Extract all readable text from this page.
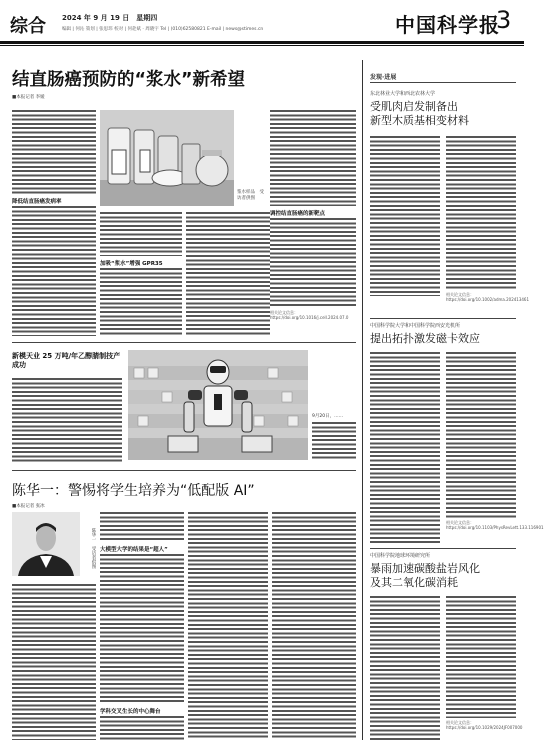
综合 2024 年 9 月 19 日　星期四
编辑 | 何沁 策划 | 张思玮 校对 | 何赴斌 · 周晓宇 Tel | (010)62580821 E-mail | news@stimes.cn	中国科学报
3
结直肠癌预防的“浆水”新希望
■本报记者 李媛
降低结直肠癌发病率
浆水样品　受访者供图
加吸“浆水”增强 GPR35
调控结直肠癌的新靶点
相关论文信息：https://doi.org/10.1016/j.cell.2024.07.0
新模天业 25 万吨/年乙醇腈制技产成功
9月20日，……
陈华一：警惕将学生培养为“低配版 AI”
■本报记者 张冰
陈华一　受访者供图 大模型大学的结果是“超人”
学科交叉生长的中心舞台
发现·进展
东北林业大学和西北农林大学
受肌肉启发制备出
新型木质基相变材料
相关论文信息：https://doi.org/10.1002/adma.202413461
中国科学院大学和中国科学院西安光机所
提出拓扑激发磁卡效应
相关论文信息：https://doi.org/10.1103/PhysRevLett.133.116901
中国科学院地球环境研究所
暴雨加速碳酸盐岩风化
及其二氧化碳消耗
相关论文信息：https://doi.org/10.1029/2024JF007000
